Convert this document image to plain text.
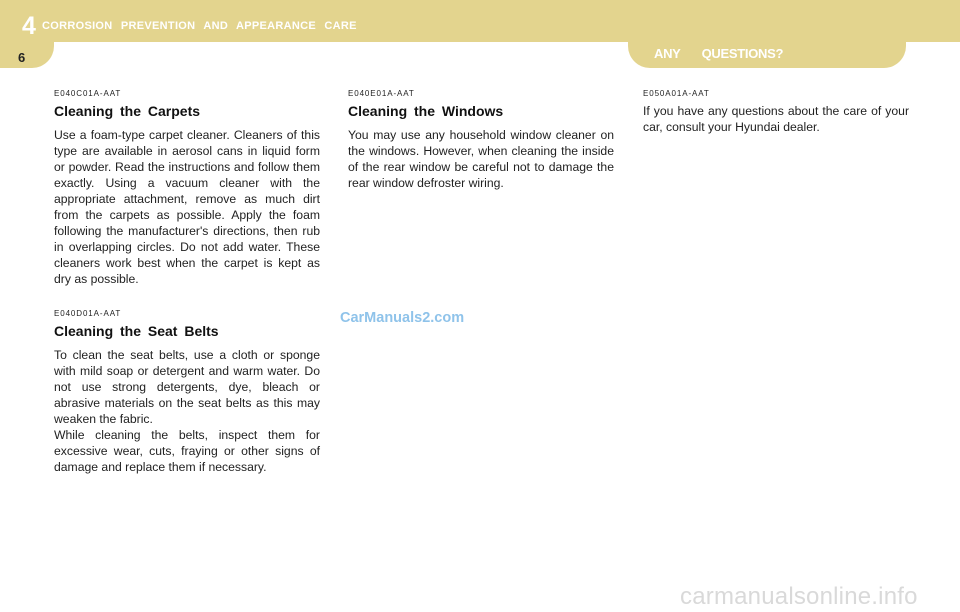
4 CORROSION PREVENTION AND APPEARANCE CARE
6	ANY QUESTIONS?
E040C01A-AAT
Cleaning the Carpets
Use a foam-type carpet cleaner. Cleaners of this type are available in aerosol cans in liquid form or powder. Read the instructions and follow them exactly. Using a vacuum cleaner with the appropriate attachment, remove as much dirt from the carpets as possible. Apply the foam following the manufacturer's directions, then rub in overlapping circles. Do not add water. These cleaners work best when the carpet is kept as dry as possible.
E040D01A-AAT
Cleaning the Seat Belts

To clean the seat belts, use a cloth or sponge with mild soap or detergent and warm water. Do not use strong detergents, dye, bleach or abrasive materials on the seat belts as this may weaken the fabric.

While cleaning the belts, inspect them for excessive wear, cuts, fraying or other signs of damage and replace them if necessary.

E040E01A-AAT
Cleaning the Windows
You may use any household window cleaner on the windows. However, when cleaning the inside of the rear window be careful not to damage the rear window defroster wiring.
E050A01A-AAT
If you have any questions about the care of your car, consult your Hyundai dealer.
CarManuals2.com
carmanualsonline.info
